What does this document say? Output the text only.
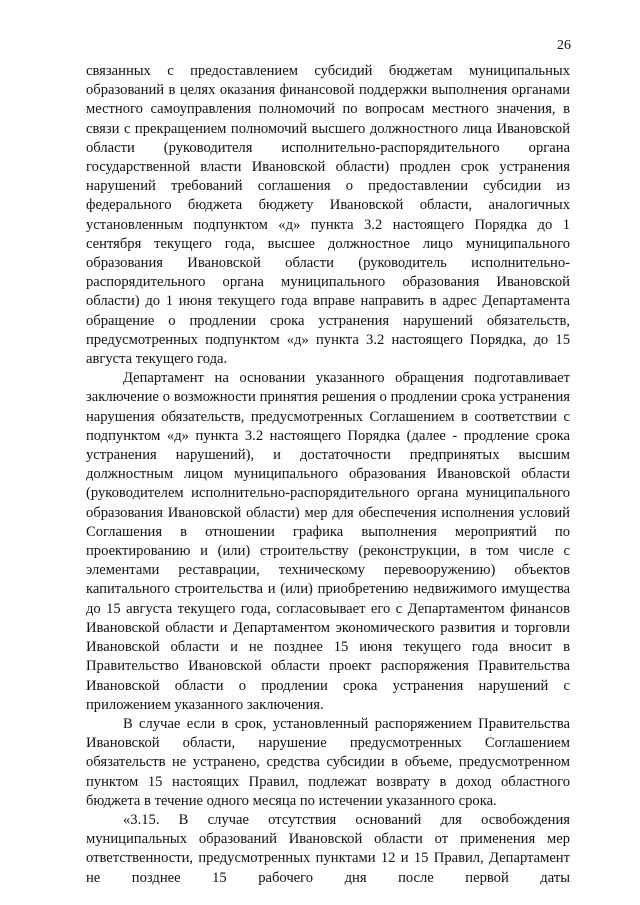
26

связанных с предоставлением субсидий бюджетам муниципальных образований в целях оказания финансовой поддержки выполнения органами местного самоуправления полномочий по вопросам местного значения, в связи с прекращением полномочий высшего должностного лица Ивановской области (руководителя исполнительно-распорядительного органа государственной власти Ивановской области) продлен срок устранения нарушений требований соглашения о предоставлении субсидии из федерального бюджета бюджету Ивановской области, аналогичных установленным подпунктом «д» пункта 3.2 настоящего Порядка до 1 сентября текущего года, высшее должностное лицо муниципального образования Ивановской области (руководитель исполнительно-распорядительного органа муниципального образования Ивановской области) до 1 июня текущего года вправе направить в адрес Департамента обращение о продлении срока устранения нарушений обязательств, предусмотренных подпунктом «д» пункта 3.2 настоящего Порядка, до 15 августа текущего года.

Департамент на основании указанного обращения подготавливает заключение о возможности принятия решения о продлении срока устранения нарушения обязательств, предусмотренных Соглашением в соответствии с подпунктом «д» пункта 3.2 настоящего Порядка (далее - продление срока устранения нарушений), и достаточности предпринятых высшим должностным лицом муниципального образования Ивановской области (руководителем исполнительно-распорядительного органа муниципального образования Ивановской области) мер для обеспечения исполнения условий Соглашения в отношении графика выполнения мероприятий по проектированию и (или) строительству (реконструкции, в том числе с элементами реставрации, техническому перевооружению) объектов капитального строительства и (или) приобретению недвижимого имущества до 15 августа текущего года, согласовывает его с Департаментом финансов Ивановской области и Департаментом экономического развития и торговли Ивановской области и не позднее 15 июня текущего года вносит в Правительство Ивановской области проект распоряжения Правительства Ивановской области о продлении срока устранения нарушений с приложением указанного заключения.

В случае если в срок, установленный распоряжением Правительства Ивановской области, нарушение предусмотренных Соглашением обязательств не устранено, средства субсидии в объеме, предусмотренном пунктом 15 настоящих Правил, подлежат возврату в доход областного бюджета в течение одного месяца по истечении указанного срока.

«3.15. В случае отсутствия оснований для освобождения муниципальных образований Ивановской области от применения мер ответственности, предусмотренных пунктами 12 и 15 Правил, Департамент не позднее 15 рабочего дня после первой даты
